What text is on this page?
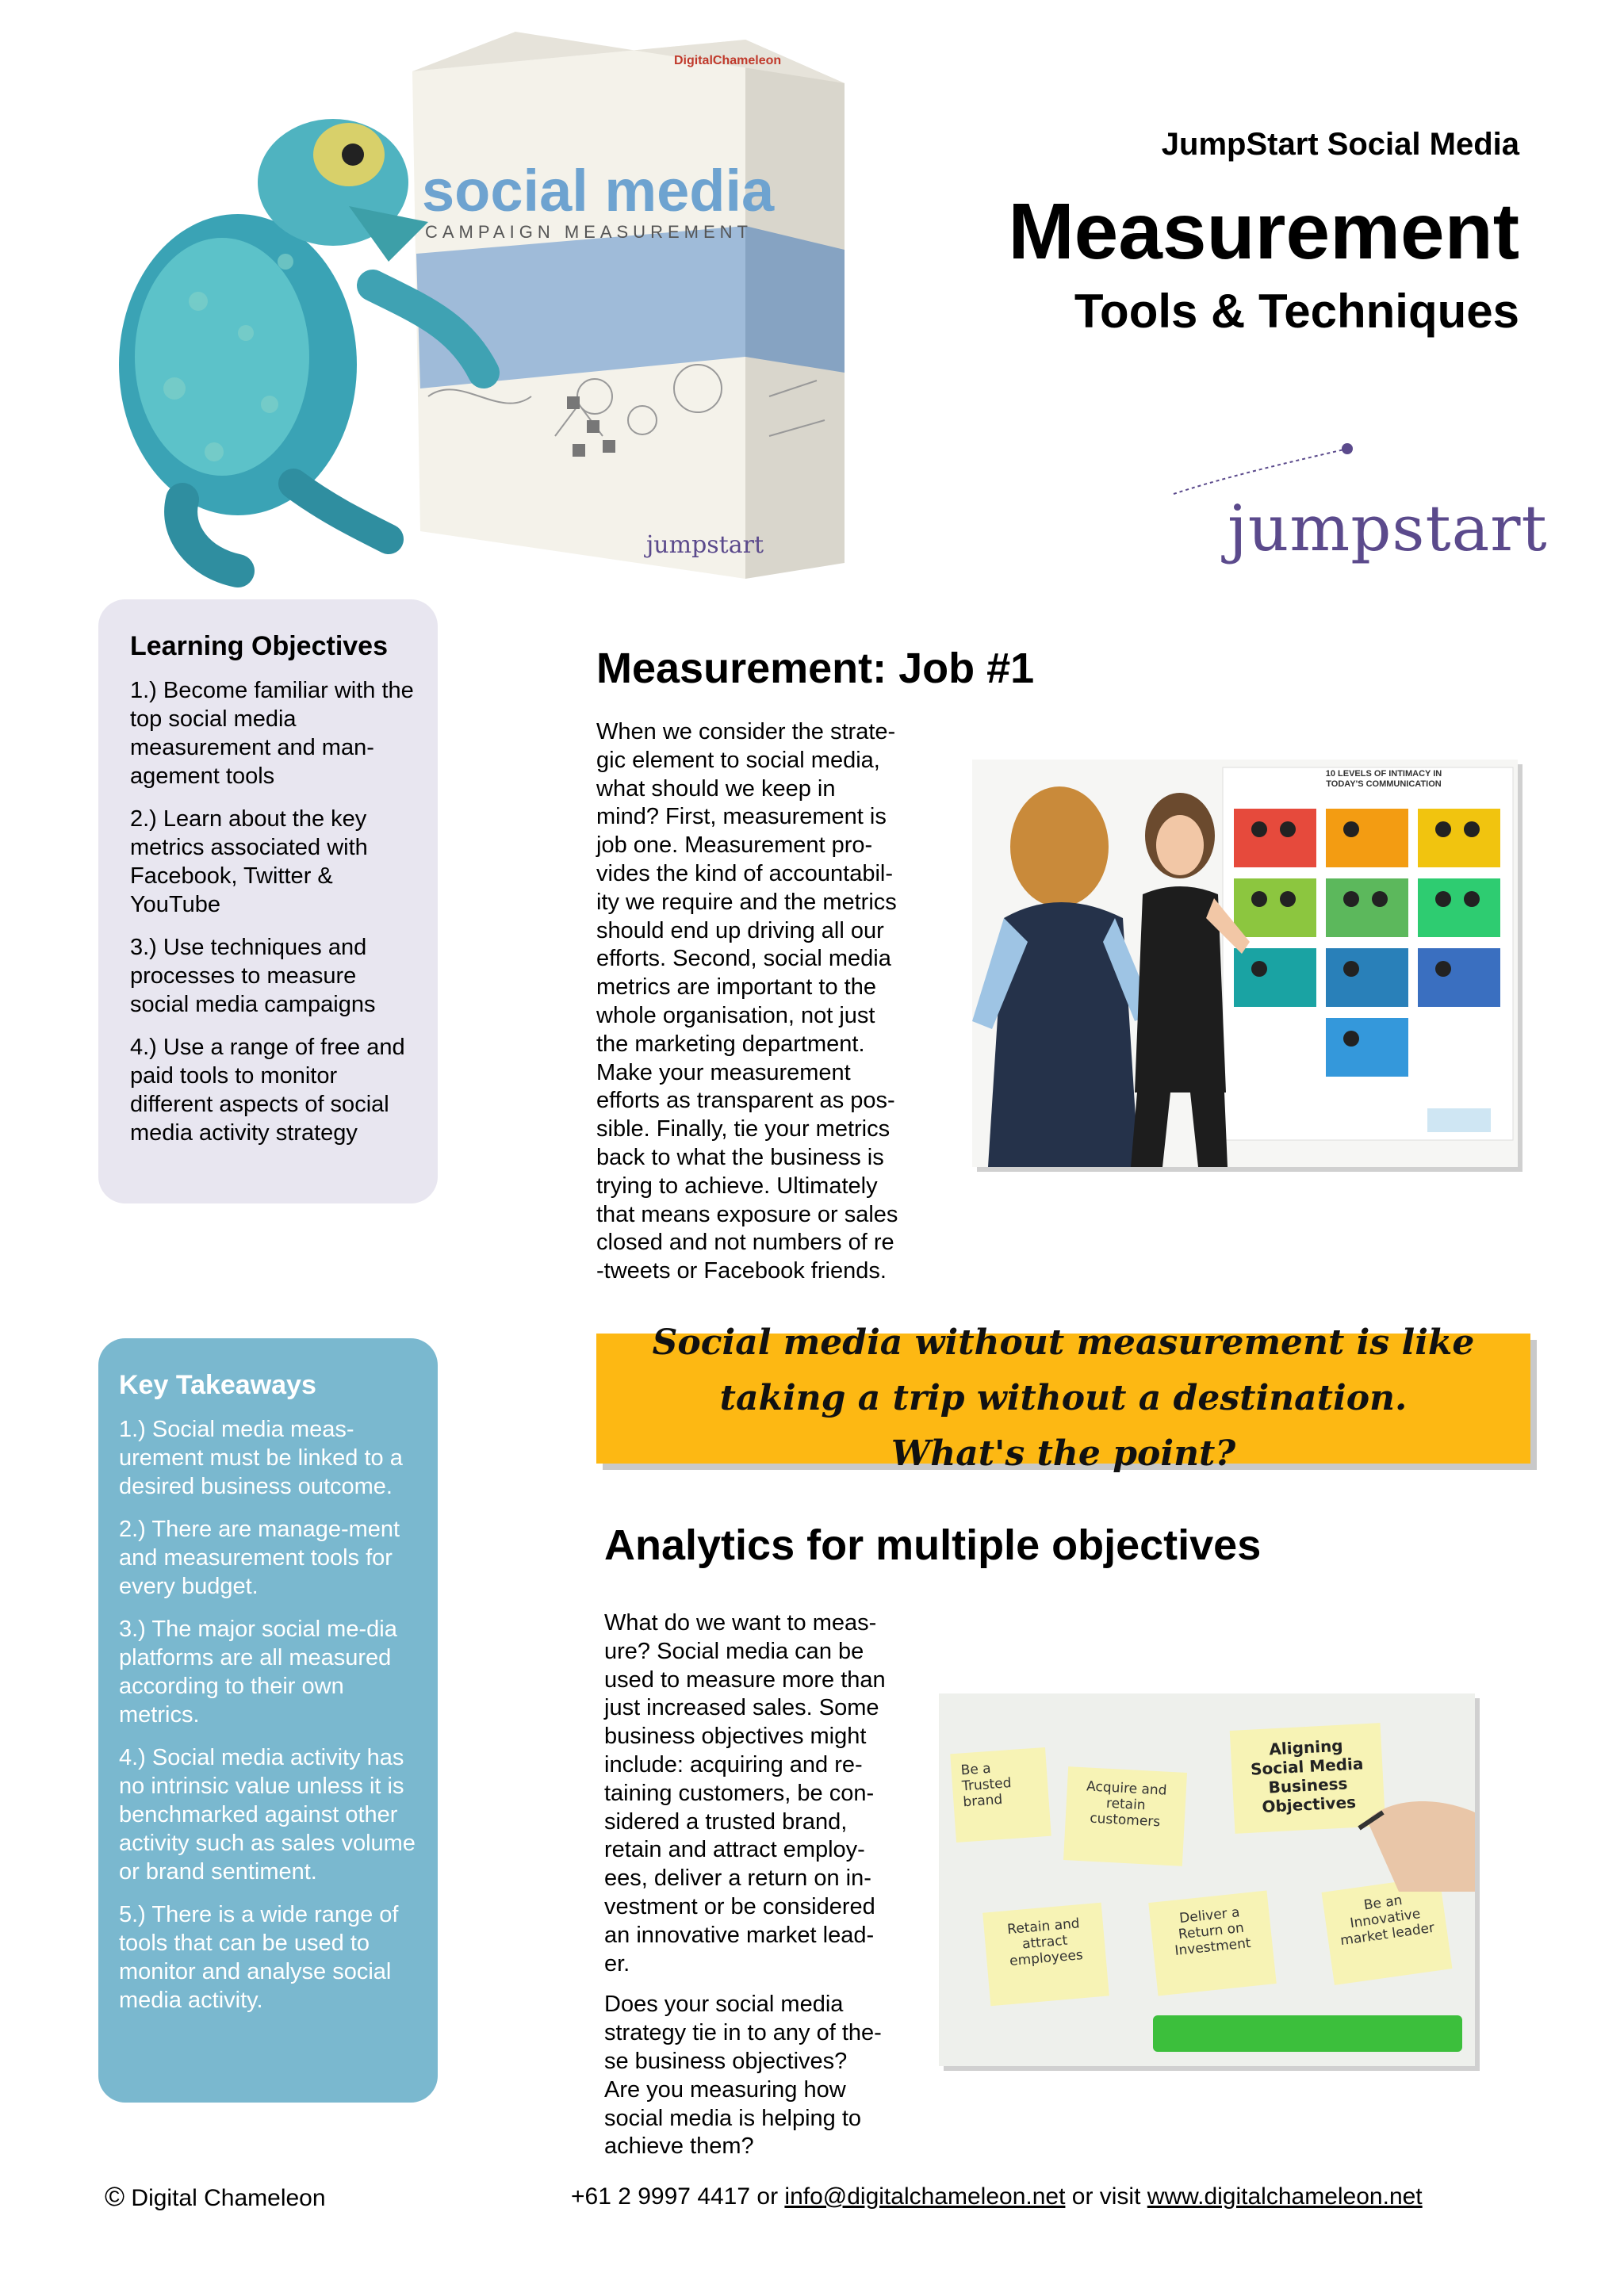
DigitalChameleon
social media
CAMPAIGN MEASUREMENT
jumpstart
JumpStart Social Media
Measurement
Tools & Techniques
jumpstart
Learning Objectives
1.) Become familiar with the top social media measurement and man-agement tools
2.) Learn about the key metrics associated with Facebook, Twitter & YouTube
3.) Use techniques and processes to measure social media campaigns
4.) Use a range of free and paid tools to monitor different aspects of social media activity strategy
Key Takeaways
1.) Social media meas-urement must be linked to a desired business outcome.
2.) There are manage-ment and measurement tools for every budget.
3.) The major social me-dia platforms are all measured according to their own metrics.
4.) Social media activity has no intrinsic value unless it is benchmarked against other activity such as sales volume or brand sentiment.
5.) There is a wide range of tools that can be used to monitor and analyse social media activity.
Measurement: Job #1
When we consider the strate-
gic element to social media,
what should we keep in
mind? First, measurement is
job one. Measurement pro-
vides the kind of accountabil-
ity we require and the metrics
should end up driving all our
efforts. Second, social media
metrics are important to the
whole organisation, not just
the marketing department.
Make your measurement
efforts as transparent as pos-
sible. Finally, tie your metrics
back to what the business is
trying to achieve. Ultimately
that means exposure or sales
closed and not numbers of re
-tweets or Facebook friends.
10 LEVELS OF INTIMACY IN
TODAY'S COMMUNICATION
Social media without measurement is like taking a trip without a destination. What's the point?
Analytics for multiple objectives
What do we want to meas-
ure? Social media can be
used to measure more than
just increased sales. Some
business objectives might
include: acquiring and re-
taining customers, be con-
sidered a trusted brand,
retain and attract employ-
ees, deliver a return on in-
vestment or be considered
an innovative market lead-
er.
Does your social media
strategy tie in to any of the-
se business objectives?
Are you measuring how
social media is helping to
achieve them?
Be a Trusted brand
Acquire and retain customers
Aligning Social Media Business Objectives
Retain and attract employees
Deliver a Return on Investment
Be an Innovative market leader
© Digital Chameleon	+61 2 9997 4417 or info@digitalchameleon.net or visit www.digitalchameleon.net
